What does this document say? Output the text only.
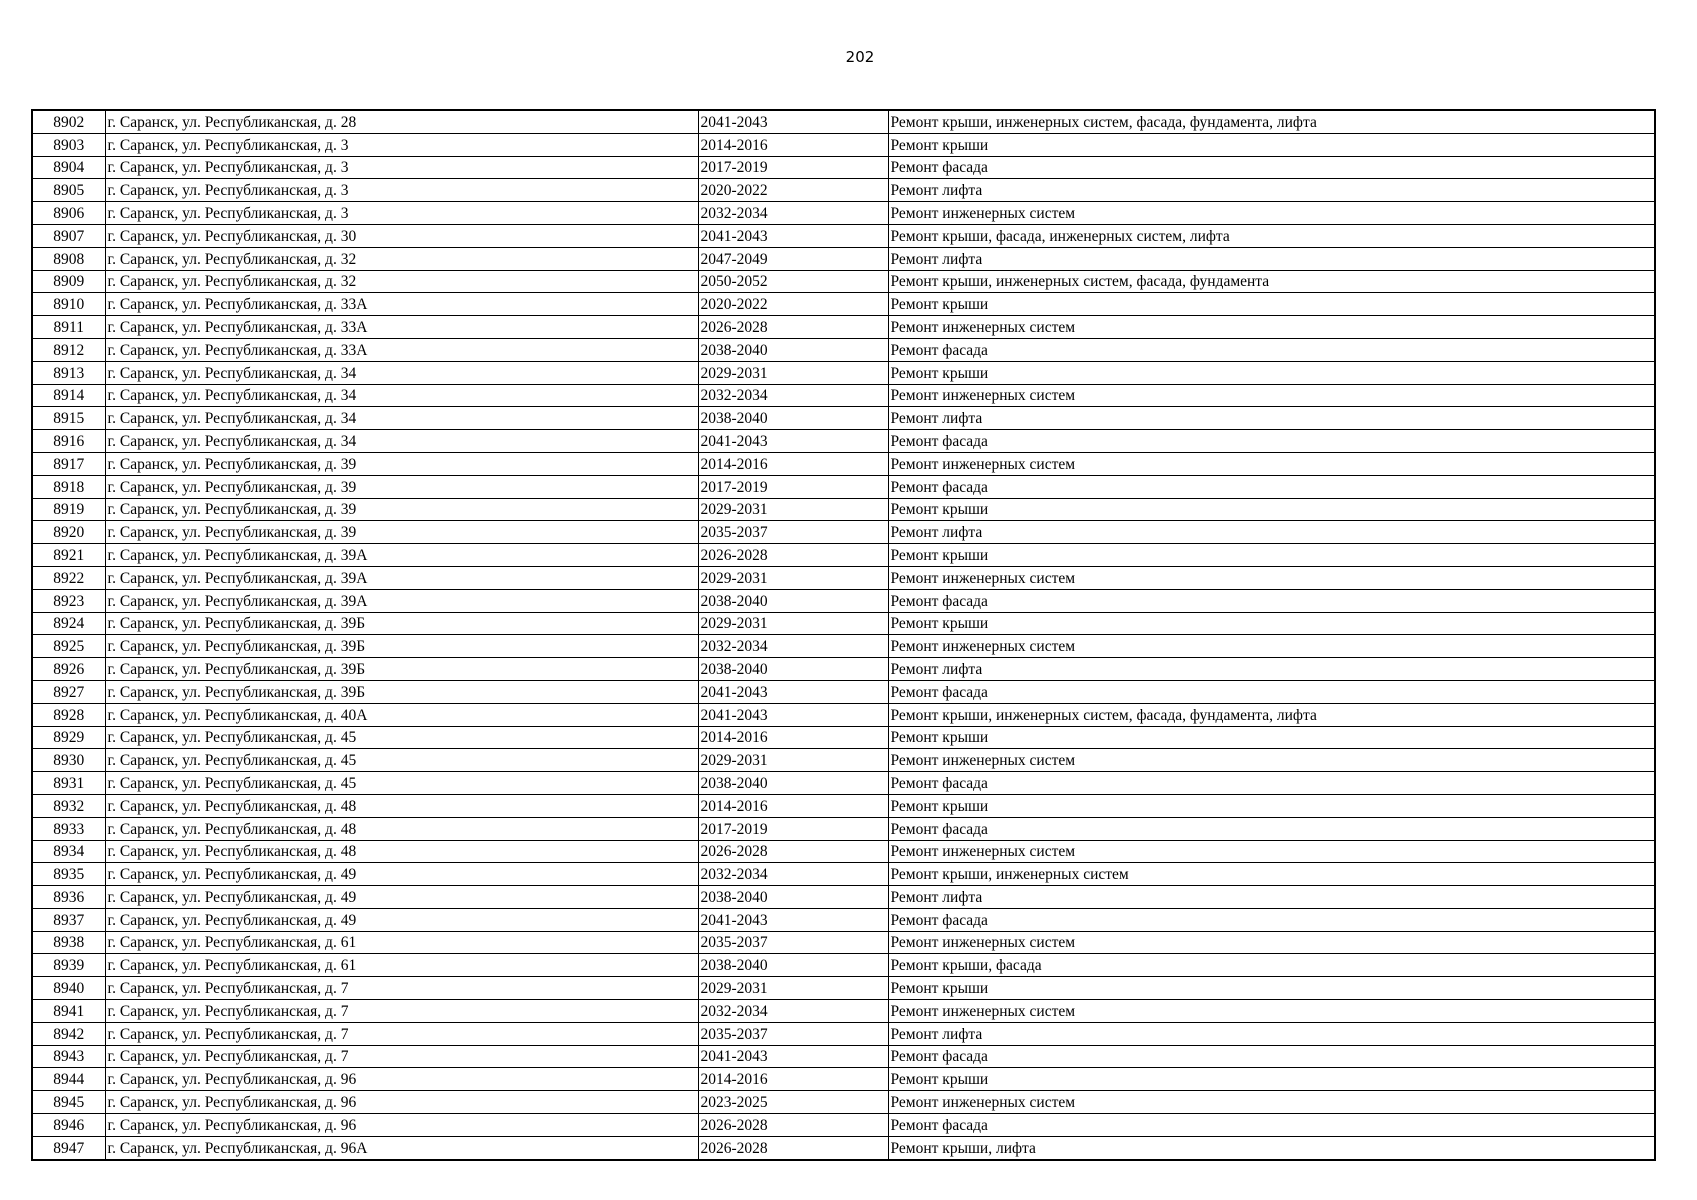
202
8902	г. Саранск, ул. Республиканская, д. 28	2041-2043	Ремонт крыши, инженерных систем, фасада, фундамента, лифта
8903	г. Саранск, ул. Республиканская, д. 3	2014-2016	Ремонт крыши
8904	г. Саранск, ул. Республиканская, д. 3	2017-2019	Ремонт фасада
8905	г. Саранск, ул. Республиканская, д. 3	2020-2022	Ремонт лифта
8906	г. Саранск, ул. Республиканская, д. 3	2032-2034	Ремонт инженерных систем
8907	г. Саранск, ул. Республиканская, д. 30	2041-2043	Ремонт крыши, фасада, инженерных систем, лифта
8908	г. Саранск, ул. Республиканская, д. 32	2047-2049	Ремонт лифта
8909	г. Саранск, ул. Республиканская, д. 32	2050-2052	Ремонт крыши, инженерных систем, фасада, фундамента
8910	г. Саранск, ул. Республиканская, д. 33А	2020-2022	Ремонт крыши
8911	г. Саранск, ул. Республиканская, д. 33А	2026-2028	Ремонт инженерных систем
8912	г. Саранск, ул. Республиканская, д. 33А	2038-2040	Ремонт фасада
8913	г. Саранск, ул. Республиканская, д. 34	2029-2031	Ремонт крыши
8914	г. Саранск, ул. Республиканская, д. 34	2032-2034	Ремонт инженерных систем
8915	г. Саранск, ул. Республиканская, д. 34	2038-2040	Ремонт лифта
8916	г. Саранск, ул. Республиканская, д. 34	2041-2043	Ремонт фасада
8917	г. Саранск, ул. Республиканская, д. 39	2014-2016	Ремонт инженерных систем
8918	г. Саранск, ул. Республиканская, д. 39	2017-2019	Ремонт фасада
8919	г. Саранск, ул. Республиканская, д. 39	2029-2031	Ремонт крыши
8920	г. Саранск, ул. Республиканская, д. 39	2035-2037	Ремонт лифта
8921	г. Саранск, ул. Республиканская, д. 39А	2026-2028	Ремонт крыши
8922	г. Саранск, ул. Республиканская, д. 39А	2029-2031	Ремонт инженерных систем
8923	г. Саранск, ул. Республиканская, д. 39А	2038-2040	Ремонт фасада
8924	г. Саранск, ул. Республиканская, д. 39Б	2029-2031	Ремонт крыши
8925	г. Саранск, ул. Республиканская, д. 39Б	2032-2034	Ремонт инженерных систем
8926	г. Саранск, ул. Республиканская, д. 39Б	2038-2040	Ремонт лифта
8927	г. Саранск, ул. Республиканская, д. 39Б	2041-2043	Ремонт фасада
8928	г. Саранск, ул. Республиканская, д. 40А	2041-2043	Ремонт крыши, инженерных систем, фасада, фундамента, лифта
8929	г. Саранск, ул. Республиканская, д. 45	2014-2016	Ремонт крыши
8930	г. Саранск, ул. Республиканская, д. 45	2029-2031	Ремонт инженерных систем
8931	г. Саранск, ул. Республиканская, д. 45	2038-2040	Ремонт фасада
8932	г. Саранск, ул. Республиканская, д. 48	2014-2016	Ремонт крыши
8933	г. Саранск, ул. Республиканская, д. 48	2017-2019	Ремонт фасада
8934	г. Саранск, ул. Республиканская, д. 48	2026-2028	Ремонт инженерных систем
8935	г. Саранск, ул. Республиканская, д. 49	2032-2034	Ремонт крыши, инженерных систем
8936	г. Саранск, ул. Республиканская, д. 49	2038-2040	Ремонт лифта
8937	г. Саранск, ул. Республиканская, д. 49	2041-2043	Ремонт фасада
8938	г. Саранск, ул. Республиканская, д. 61	2035-2037	Ремонт инженерных систем
8939	г. Саранск, ул. Республиканская, д. 61	2038-2040	Ремонт крыши, фасада
8940	г. Саранск, ул. Республиканская, д. 7	2029-2031	Ремонт крыши
8941	г. Саранск, ул. Республиканская, д. 7	2032-2034	Ремонт инженерных систем
8942	г. Саранск, ул. Республиканская, д. 7	2035-2037	Ремонт лифта
8943	г. Саранск, ул. Республиканская, д. 7	2041-2043	Ремонт фасада
8944	г. Саранск, ул. Республиканская, д. 96	2014-2016	Ремонт крыши
8945	г. Саранск, ул. Республиканская, д. 96	2023-2025	Ремонт инженерных систем
8946	г. Саранск, ул. Республиканская, д. 96	2026-2028	Ремонт фасада
8947	г. Саранск, ул. Республиканская, д. 96А	2026-2028	Ремонт крыши, лифта
